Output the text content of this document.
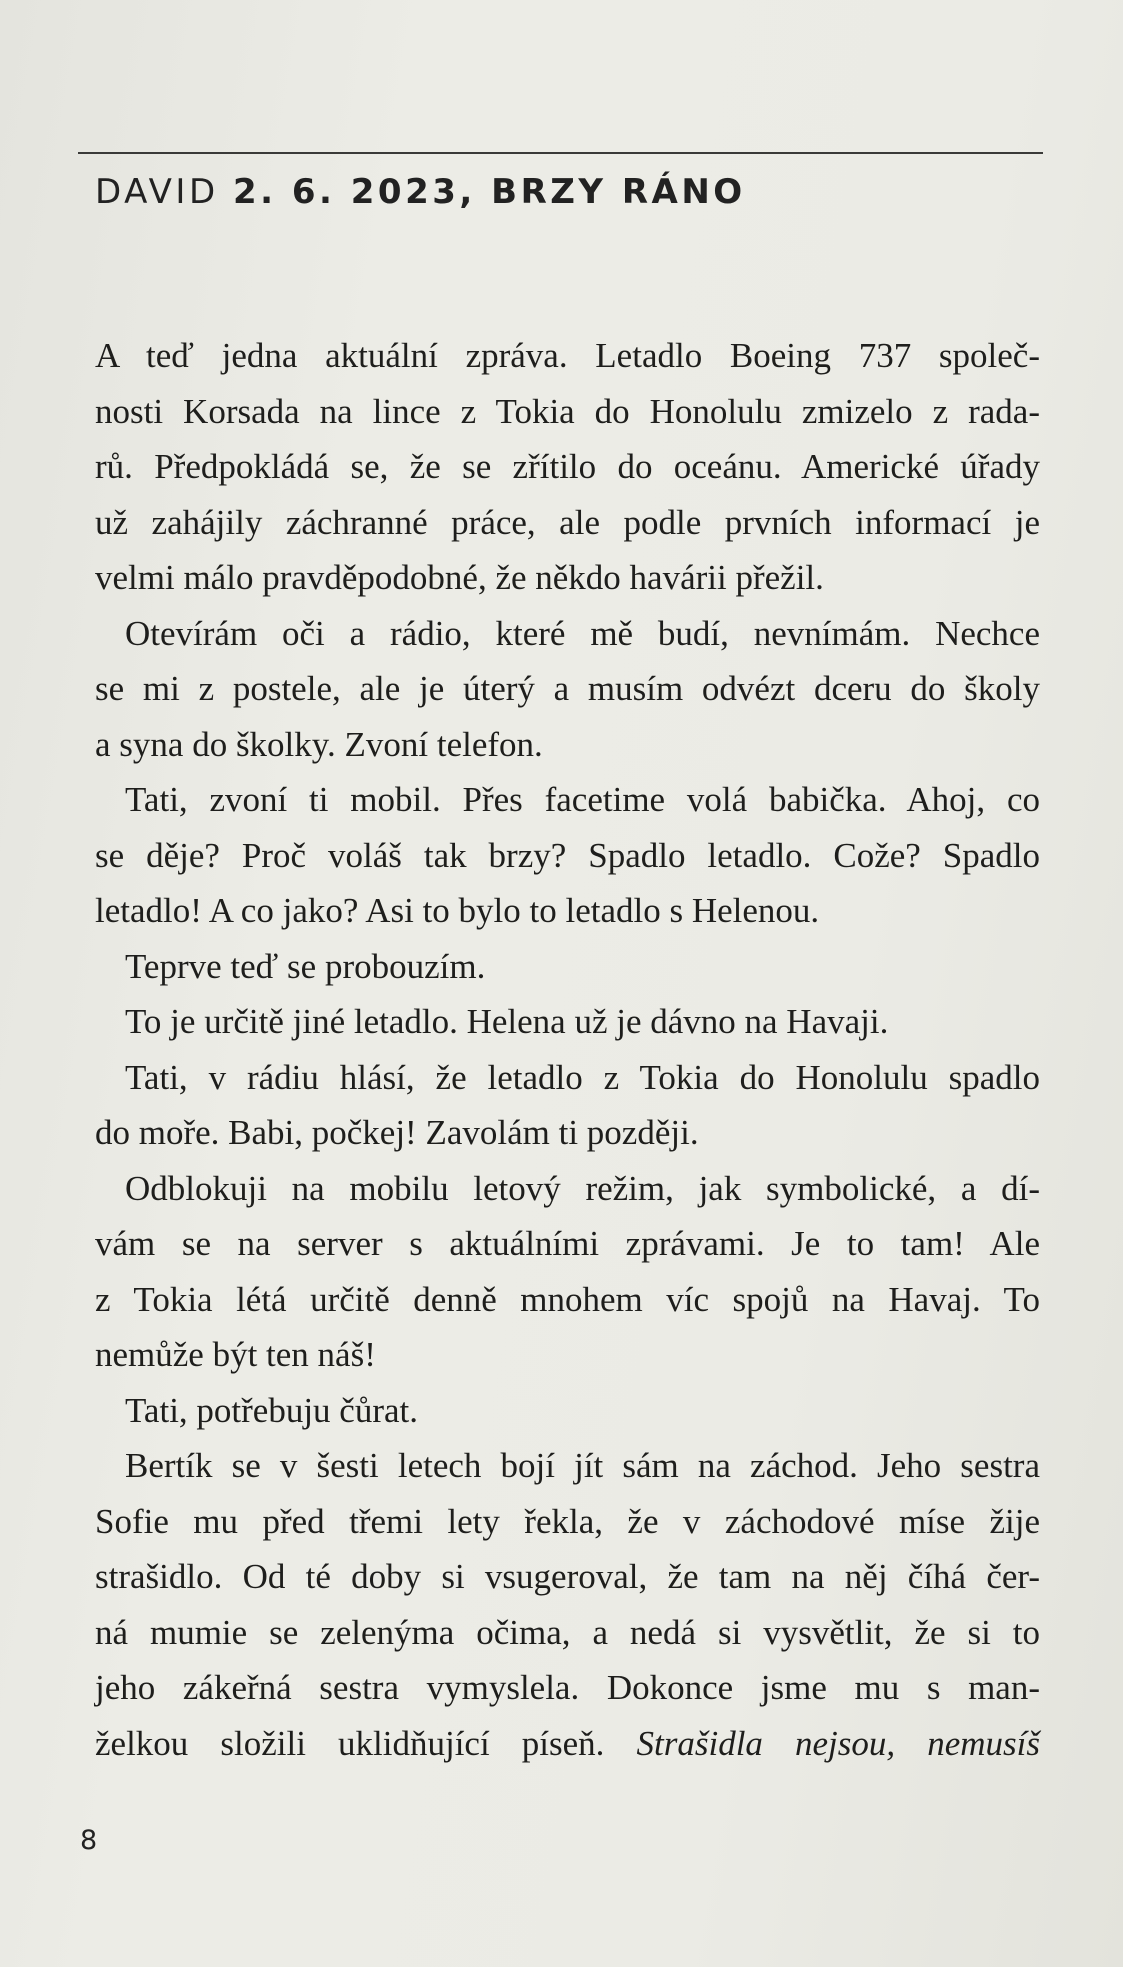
DAVID 2. 6. 2023, BRZY RÁNO
A teď jedna aktuální zpráva. Letadlo Boeing 737 společ-
nosti Korsada na lince z Tokia do Honolulu zmizelo z rada-
rů. Předpokládá se, že se zřítilo do oceánu. Americké úřady
už zahájily záchranné práce, ale podle prvních informací je
velmi málo pravděpodobné, že někdo havárii přežil.
Otevírám oči a rádio, které mě budí, nevnímám. Nechce
se mi z postele, ale je úterý a musím odvézt dceru do školy
a syna do školky. Zvoní telefon.
Tati, zvoní ti mobil. Přes facetime volá babička. Ahoj, co
se děje? Proč voláš tak brzy? Spadlo letadlo. Cože? Spadlo
letadlo! A co jako? Asi to bylo to letadlo s Helenou.
Teprve teď se probouzím.
To je určitě jiné letadlo. Helena už je dávno na Havaji.
Tati, v rádiu hlásí, že letadlo z Tokia do Honolulu spadlo
do moře. Babi, počkej! Zavolám ti později.
Odblokuji na mobilu letový režim, jak symbolické, a dí-
vám se na server s aktuálními zprávami. Je to tam! Ale
z Tokia létá určitě denně mnohem víc spojů na Havaj. To
nemůže být ten náš!
Tati, potřebuju čůrat.
Bertík se v šesti letech bojí jít sám na záchod. Jeho sestra
Sofie mu před třemi lety řekla, že v záchodové míse žije
strašidlo. Od té doby si vsugeroval, že tam na něj číhá čer-
ná mumie se zelenýma očima, a nedá si vysvětlit, že si to
jeho zákeřná sestra vymyslela. Dokonce jsme mu s man-
želkou složili uklidňující píseň. Strašidla nejsou, nemusíš
8
